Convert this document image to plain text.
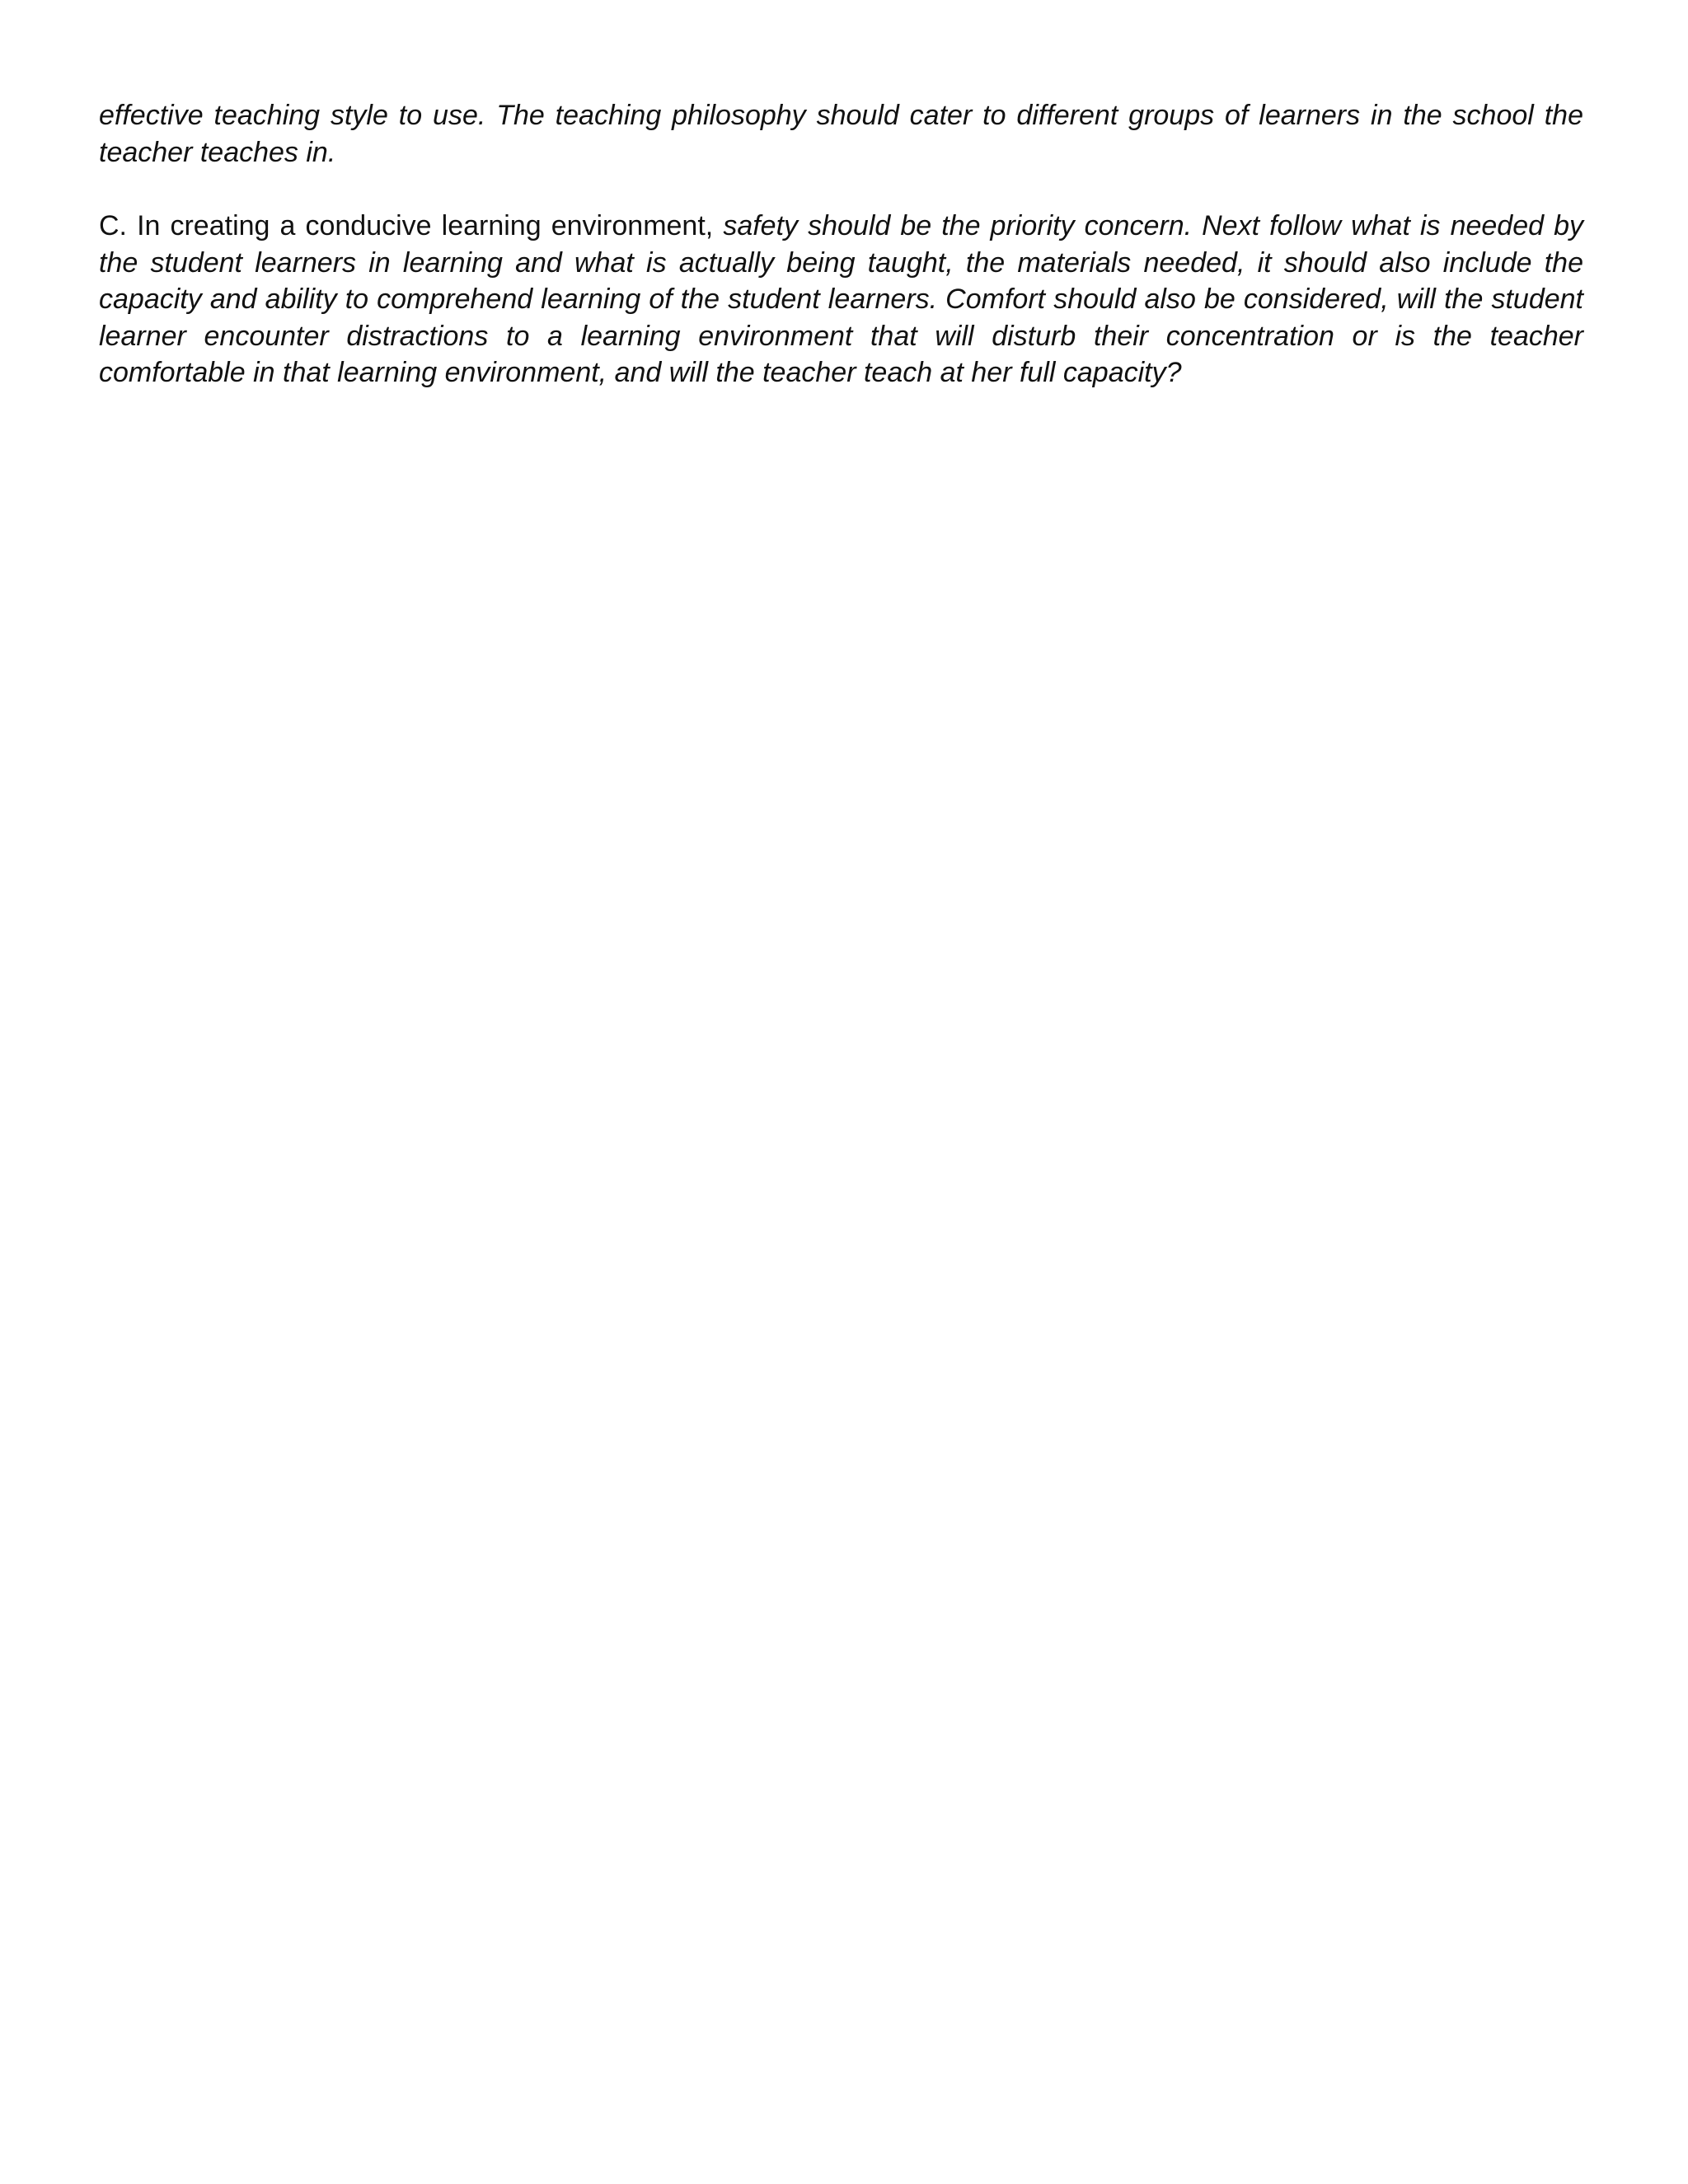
effective teaching style to use. The teaching philosophy should cater to different groups of learners in the school the teacher teaches in.

C. In creating a conducive learning environment, safety should be the priority concern. Next follow what is needed by the student learners in learning and what is actually being taught, the materials needed, it should also include the capacity and ability to comprehend learning of the student learners. Comfort should also be considered, will the student learner encounter distractions to a learning environment that will disturb their concentration or is the teacher comfortable in that learning environment, and will the teacher teach at her full capacity?
